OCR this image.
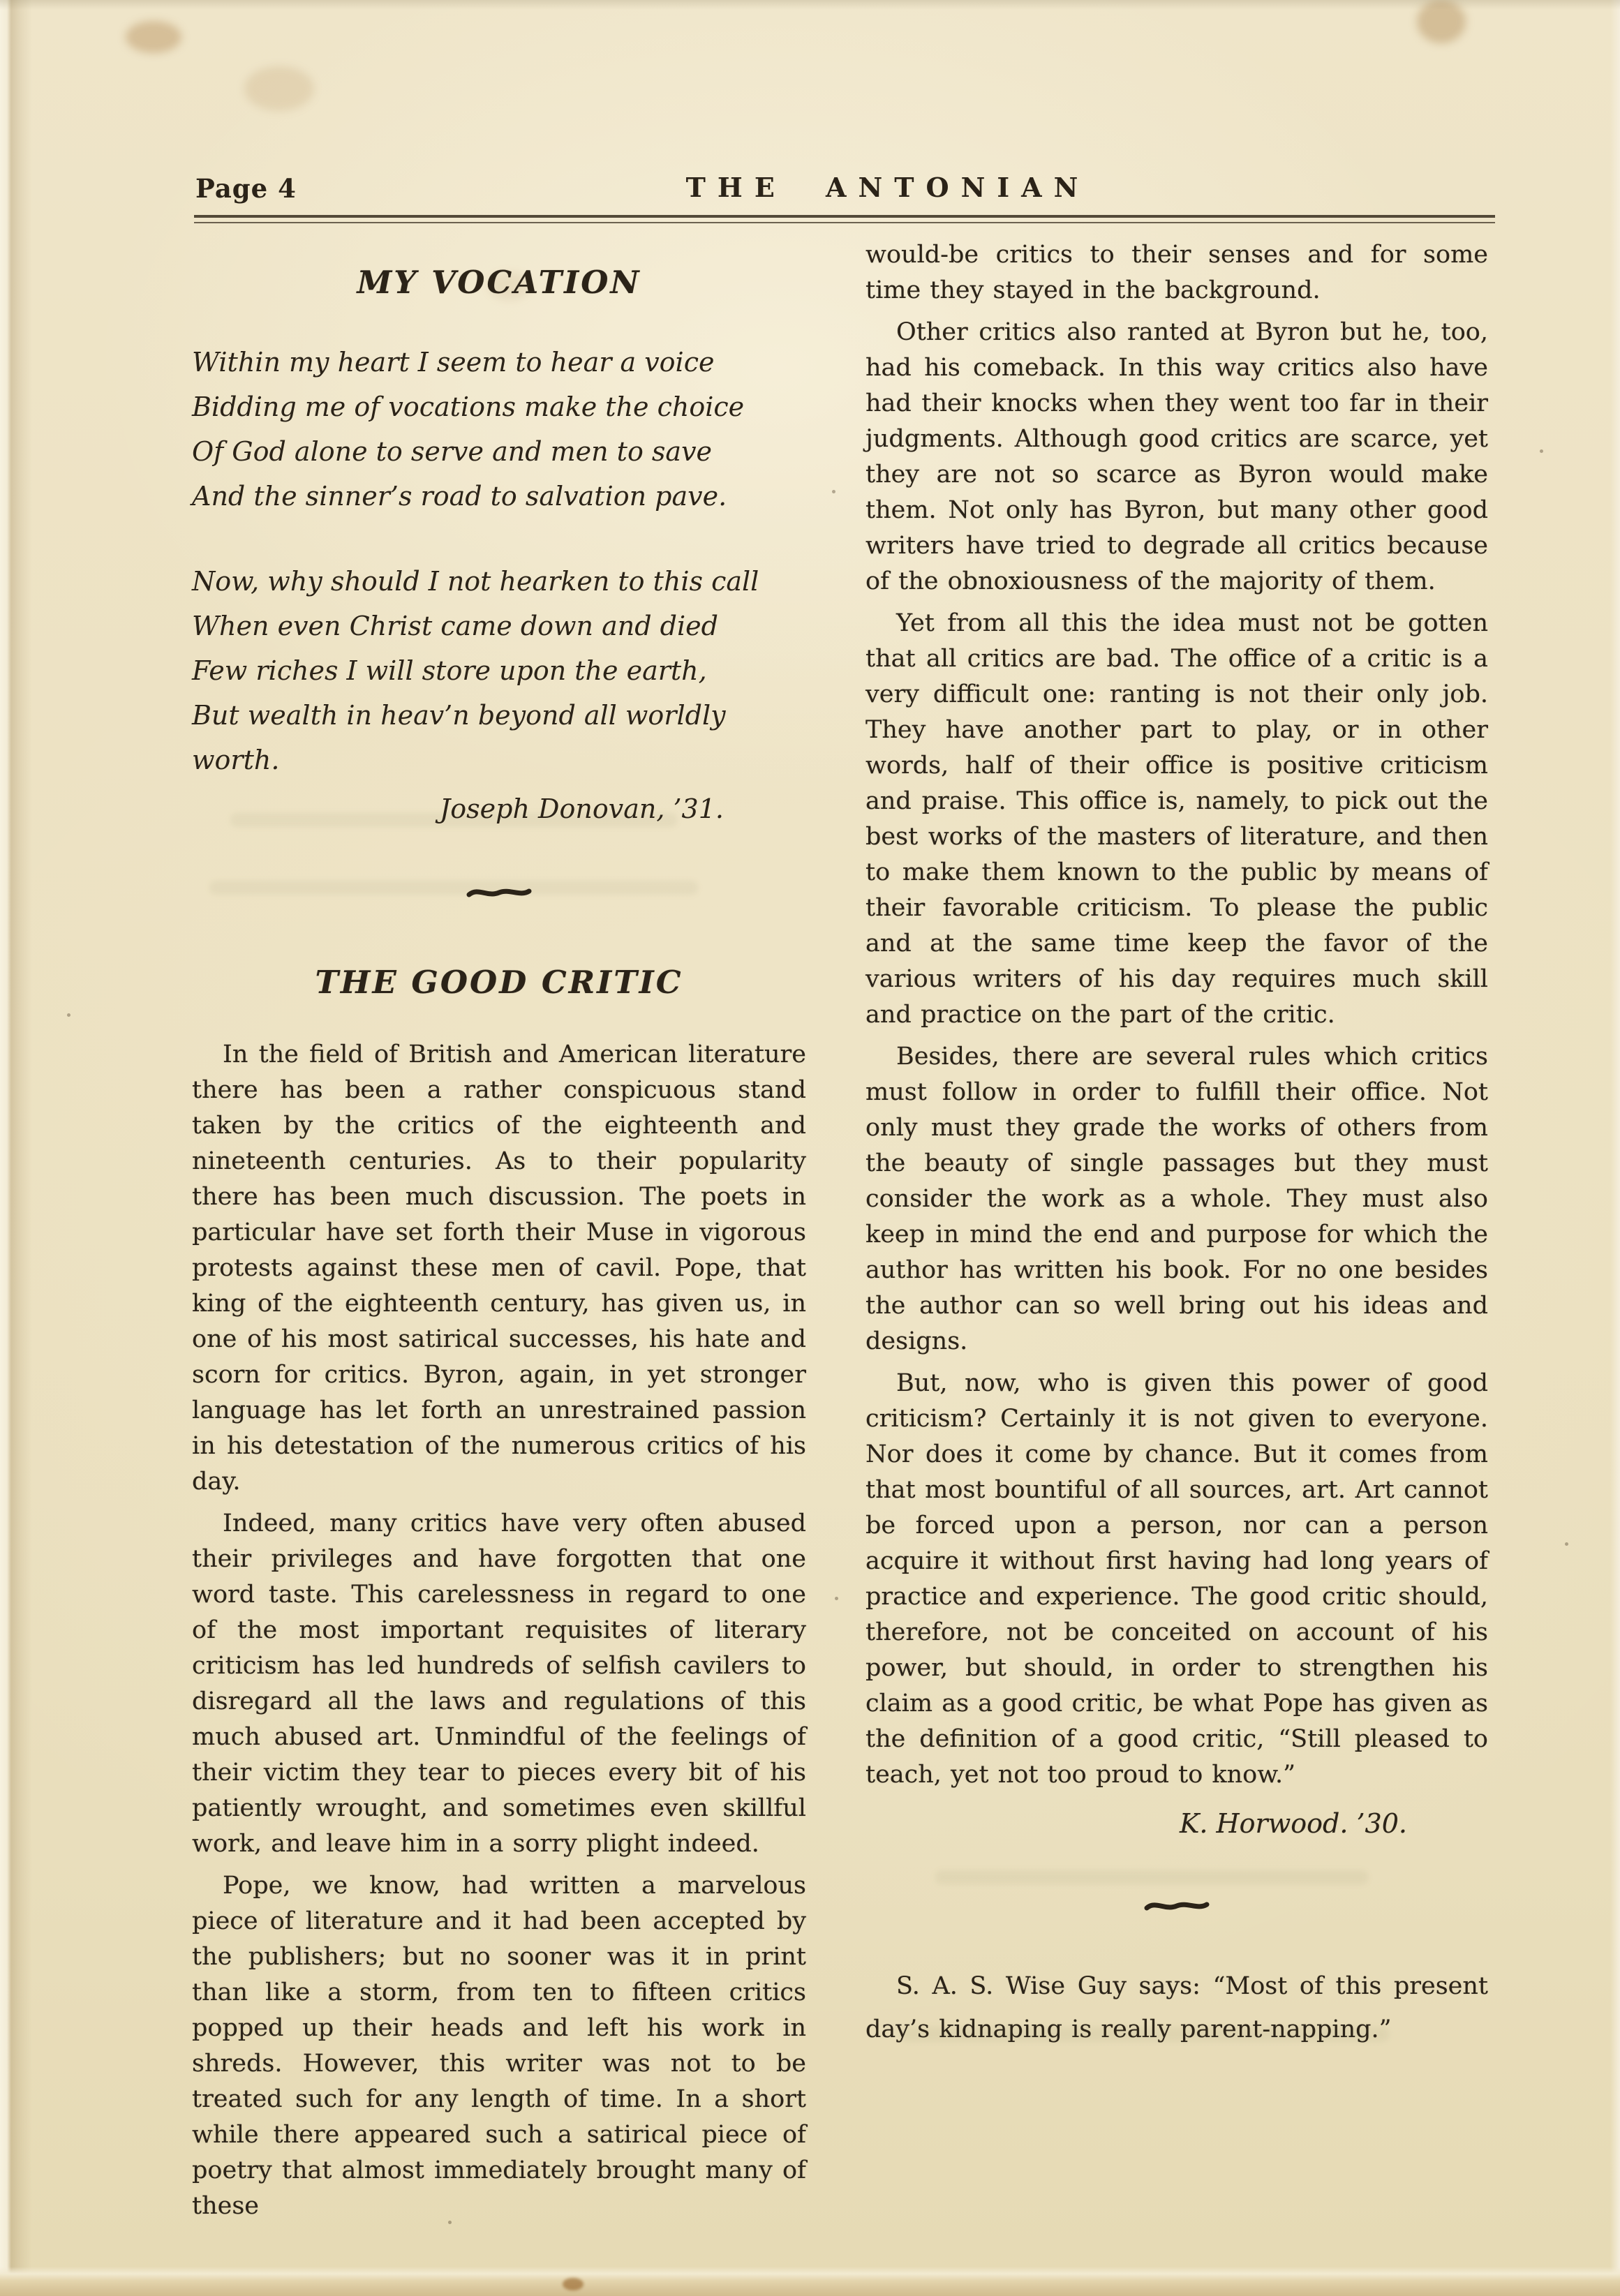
Page 4	THE ANTONIAN
MY VOCATION
Within my heart I seem to hear a voice
Bidding me of vocations make the choice
Of God alone to serve and men to save
And the sinner’s road to salvation pave.
Now, why should I not hearken to this call
When even Christ came down and died
Few riches I will store upon the earth,
But wealth in heav’n beyond all worldly worth.
Joseph Donovan, ’31.
THE GOOD CRITIC

In the field of British and American literature there has been a rather conspicuous stand taken by the critics of the eighteenth and nineteenth centuries. As to their popularity there has been much discussion. The poets in particular have set forth their Muse in vigorous protests against these men of cavil. Pope, that king of the eighteenth century, has given us, in one of his most satirical successes, his hate and scorn for critics. Byron, again, in yet stronger language has let forth an unrestrained passion in his detestation of the numerous critics of his day.

Indeed, many critics have very often abused their privileges and have forgotten that one word taste. This carelessness in regard to one of the most important requisites of literary criticism has led hundreds of selfish cavilers to disregard all the laws and regulations of this much abused art. Unmindful of the feelings of their victim they tear to pieces every bit of his patiently wrought, and sometimes even skillful work, and leave him in a sorry plight indeed.

Pope, we know, had written a marvelous piece of literature and it had been accepted by the publishers; but no sooner was it in print than like a storm, from ten to fifteen critics popped up their heads and left his work in shreds. However, this writer was not to be treated such for any length of time. In a short while there appeared such a satirical piece of poetry that almost immediately brought many of these

would-be critics to their senses and for some time they stayed in the background.

Other critics also ranted at Byron but he, too, had his comeback. In this way critics also have had their knocks when they went too far in their judgments. Although good critics are scarce, yet they are not so scarce as Byron would make them. Not only has Byron, but many other good writers have tried to degrade all critics because of the obnoxiousness of the majority of them.

Yet from all this the idea must not be gotten that all critics are bad. The office of a critic is a very difficult one: ranting is not their only job. They have another part to play, or in other words, half of their office is positive criticism and praise. This office is, namely, to pick out the best works of the masters of literature, and then to make them known to the public by means of their favorable criticism. To please the public and at the same time keep the favor of the various writers of his day requires much skill and practice on the part of the critic.

Besides, there are several rules which critics must follow in order to fulfill their office. Not only must they grade the works of others from the beauty of single passages but they must consider the work as a whole. They must also keep in mind the end and purpose for which the author has written his book. For no one besides the author can so well bring out his ideas and designs.

But, now, who is given this power of good criticism? Certainly it is not given to everyone. Nor does it come by chance. But it comes from that most bountiful of all sources, art. Art cannot be forced upon a person, nor can a person acquire it without first having had long years of practice and experience. The good critic should, therefore, not be conceited on account of his power, but should, in order to strengthen his claim as a good critic, be what Pope has given as the definition of a good critic, “Still pleased to teach, yet not too proud to know.”

K. Horwood. ’30.

S. A. S. Wise Guy says: “Most of this present day’s kidnaping is really parent-napping.”
